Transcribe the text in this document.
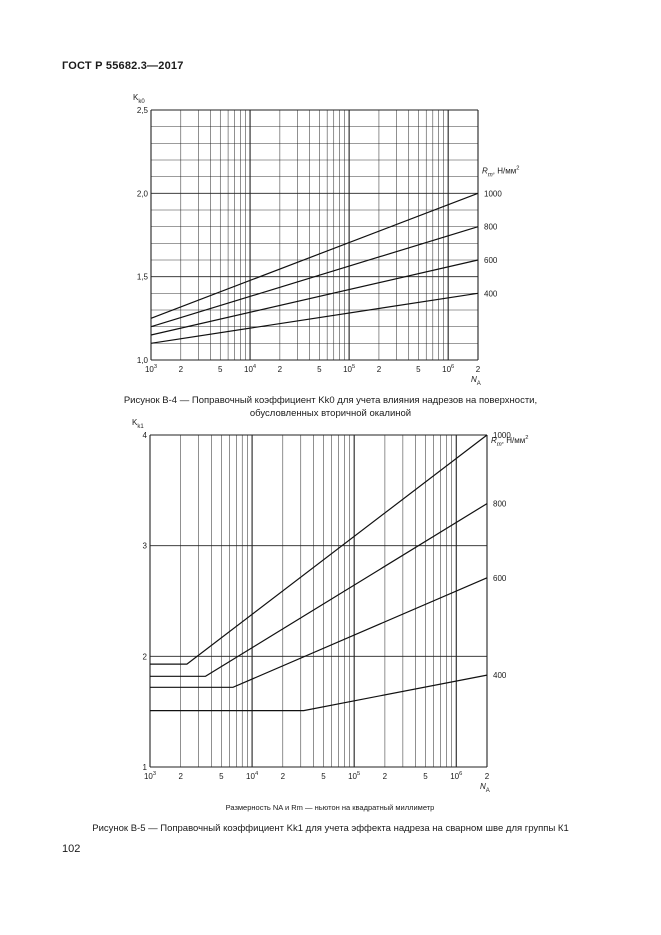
ГОСТ Р 55682.3—2017
$10^3$	2	5	$10^4$	2	5	$10^5$	2	5	$10^6$	2
1,0
1,5
2,0
2,5
$K_{k0}$
$N_A$
$R_m$, $Н/мм^2$
1000
800
600
400
$10^3$	2	5	$10^4$	2	5	$10^5$	2	5	$10^6$	2
1
2
3
4
$K_{k1}$
$N_A$
$R_m$, $Н/мм^2$
1000
800
600
400
Рисунок В-4 — Поправочный коэффициент Kk0 для учета влияния надрезов на поверхности,
обусловленных вторичной окалиной
Размерность NA и Rm — ньютон на квадратный миллиметр
Рисунок В-5 — Поправочный коэффициент Kk1 для учета эффекта надреза на сварном шве для группы К1
102
